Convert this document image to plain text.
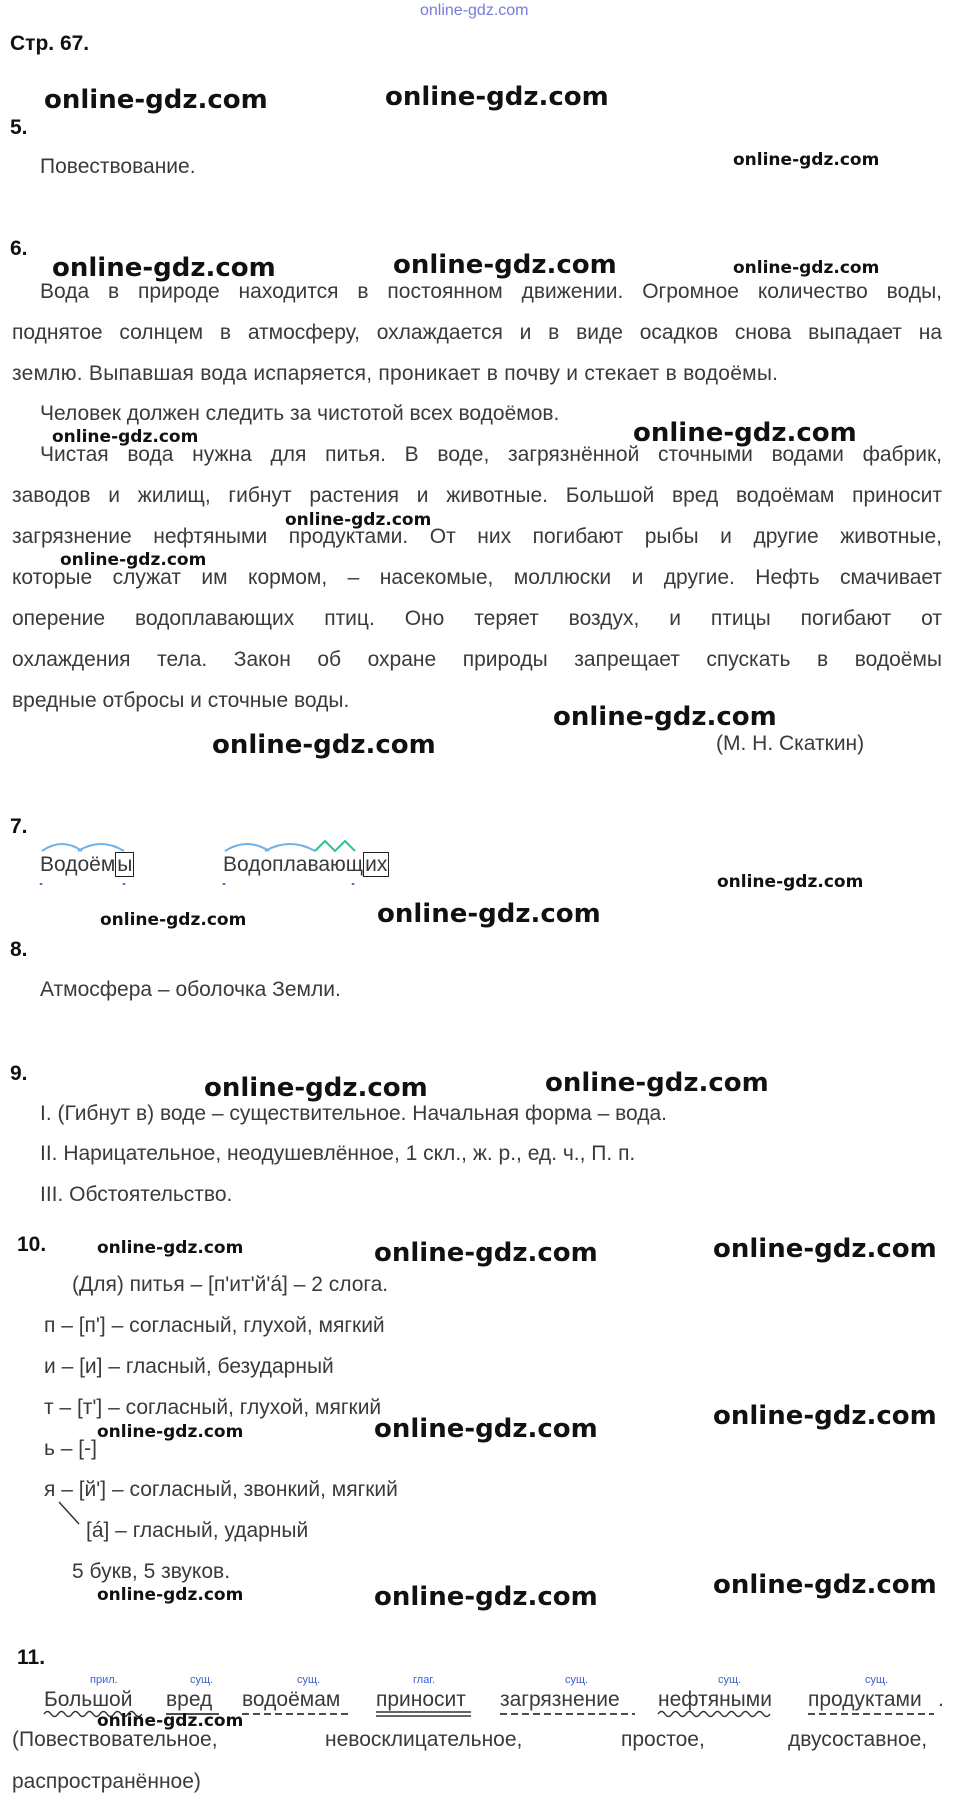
online-gdz.com
Стр. 67.
5.
Повествование.
6.
Вода в природе находится в постоянном движении. Огромное количество воды,
поднятое солнцем в атмосферу, охлаждается и в виде осадков снова выпадает на
землю. Выпавшая вода испаряется, проникает в почву и стекает в водоёмы.
Человек должен следить за чистотой всех водоёмов.
Чистая вода нужна для питья. В воде, загрязнённой сточными водами фабрик,
заводов и жилищ, гибнут растения и животные. Большой вред водоёмам приносит
загрязнение нефтяными продуктами. От них погибают рыбы и другие животные,
которые служат им кормом, – насекомые, моллюски и другие. Нефть смачивает
оперение водоплавающих птиц. Оно теряет воздух, и птицы погибают от
охлаждения тела. Закон об охране природы запрещает спускать в водоёмы
вредные отбросы и сточные воды.
(М. Н. Скаткин)
7.
Водоёмы	Водоплавающих
8.
Атмосфера – оболочка Земли.
9.
I. (Гибнут в) воде – существительное. Начальная форма – вода.
II. Нарицательное, неодушевлённое, 1 скл., ж. р., ед. ч., П. п.
III. Обстоятельство.
10.
(Для) питья – [п'ит'й'á] – 2 слога.
п – [п'] – согласный, глухой, мягкий
и – [и] – гласный, безударный
т – [т'] – согласный, глухой, мягкий
ь – [-]
я – [й'] – согласный, звонкий, мягкий
[á] – гласный, ударный
5 букв, 5 звуков.
11.
прил.	сущ.	сущ.	глаг.	сущ.	сущ.	сущ.
Большой вред водоёмам приносит загрязнение нефтяными продуктами .
(Повествовательное,	невосклицательное,	простое,	двусоставное,
распространённое)
online-gdz.com	online-gdz.com
online-gdz.com
online-gdz.com	online-gdz.com	online-gdz.com
online-gdz.com	online-gdz.com
online-gdz.com
online-gdz.com
online-gdz.com
online-gdz.com
online-gdz.com
online-gdz.com	online-gdz.com
online-gdz.com	online-gdz.com
online-gdz.com	online-gdz.com	online-gdz.com
online-gdz.com	online-gdz.com	online-gdz.com
online-gdz.com	online-gdz.com	online-gdz.com
online-gdz.com
